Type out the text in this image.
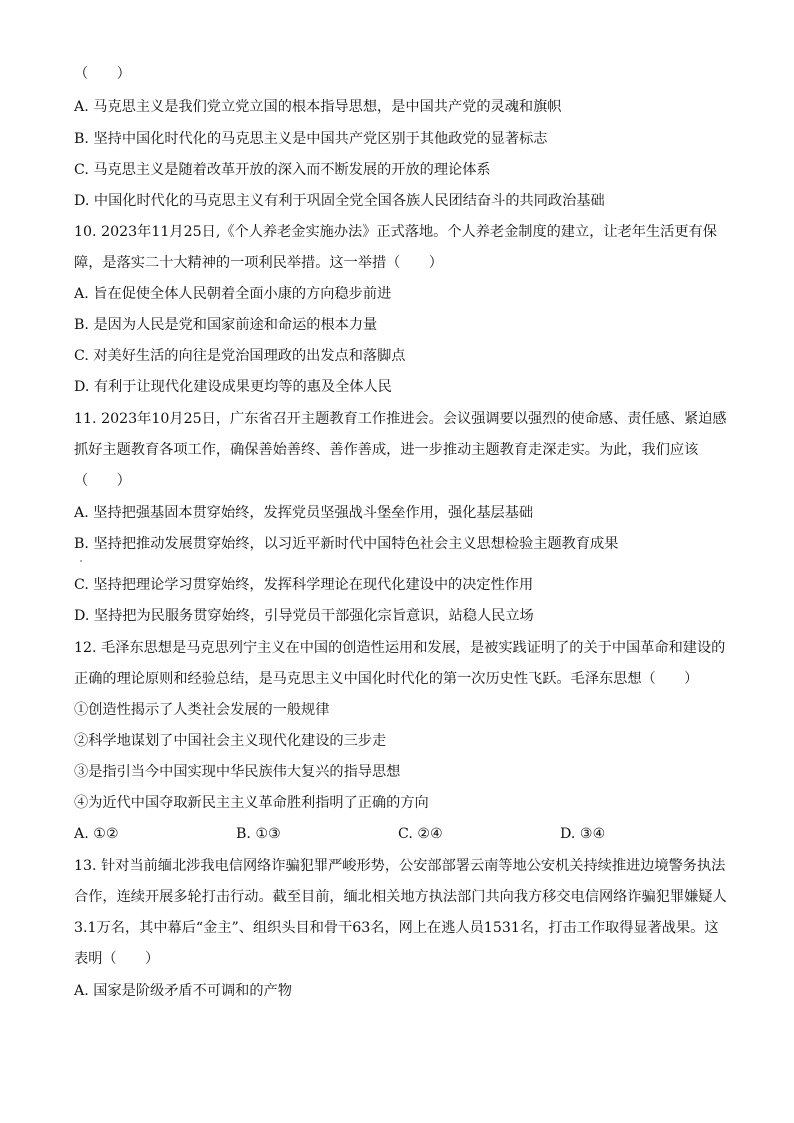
（　　）
A. 马克思主义是我们党立党立国的根本指导思想，是中国共产党的灵魂和旗帜
B. 坚持中国化时代化的马克思主义是中国共产党区别于其他政党的显著标志
C. 马克思主义是随着改革开放的深入而不断发展的开放的理论体系
D. 中国化时代化的马克思主义有利于巩固全党全国各族人民团结奋斗的共同政治基础
10. 2023年11月25日,《个人养老金实施办法》正式落地。个人养老金制度的建立，让老年生活更有保
障，是落实二十大精神的一项利民举措。这一举措（　　）
A. 旨在促使全体人民朝着全面小康的方向稳步前进
B. 是因为人民是党和国家前途和命运的根本力量
C. 对美好生活的向往是党治国理政的出发点和落脚点
D. 有利于让现代化建设成果更均等的惠及全体人民
11. 2023年10月25日，广东省召开主题教育工作推进会。会议强调要以强烈的使命感、责任感、紧迫感
抓好主题教育各项工作，确保善始善终、善作善成，进一步推动主题教育走深走实。为此，我们应该
（　　）
A. 坚持把强基固本贯穿始终，发挥党员坚强战斗堡垒作用，强化基层基础
B. 坚持把推动发展贯穿始终，以习近平新时代中国特色社会主义思想检验主题教育成果
C. 坚持把理论学习贯穿始终，发挥科学理论在现代化建设中的决定性作用
D. 坚持把为民服务贯穿始终，引导党员干部强化宗旨意识，站稳人民立场
12. 毛泽东思想是马克思列宁主义在中国的创造性运用和发展，是被实践证明了的关于中国革命和建设的
正确的理论原则和经验总结，是马克思主义中国化时代化的第一次历史性飞跃。毛泽东思想（　　）
①创造性揭示了人类社会发展的一般规律
②科学地谋划了中国社会主义现代化建设的三步走
③是指引当今中国实现中华民族伟大复兴的指导思想
④为近代中国夺取新民主主义革命胜利指明了正确的方向
A. ①②	B. ①③	C. ②④	D. ③④
13. 针对当前缅北涉我电信网络诈骗犯罪严峻形势，公安部部署云南等地公安机关持续推进边境警务执法
合作，连续开展多轮打击行动。截至目前，缅北相关地方执法部门共向我方移交电信网络诈骗犯罪嫌疑人
3.1万名，其中幕后“金主”、组织头目和骨干63名，网上在逃人员1531名，打击工作取得显著战果。这
表明（　　）
A. 国家是阶级矛盾不可调和的产物
